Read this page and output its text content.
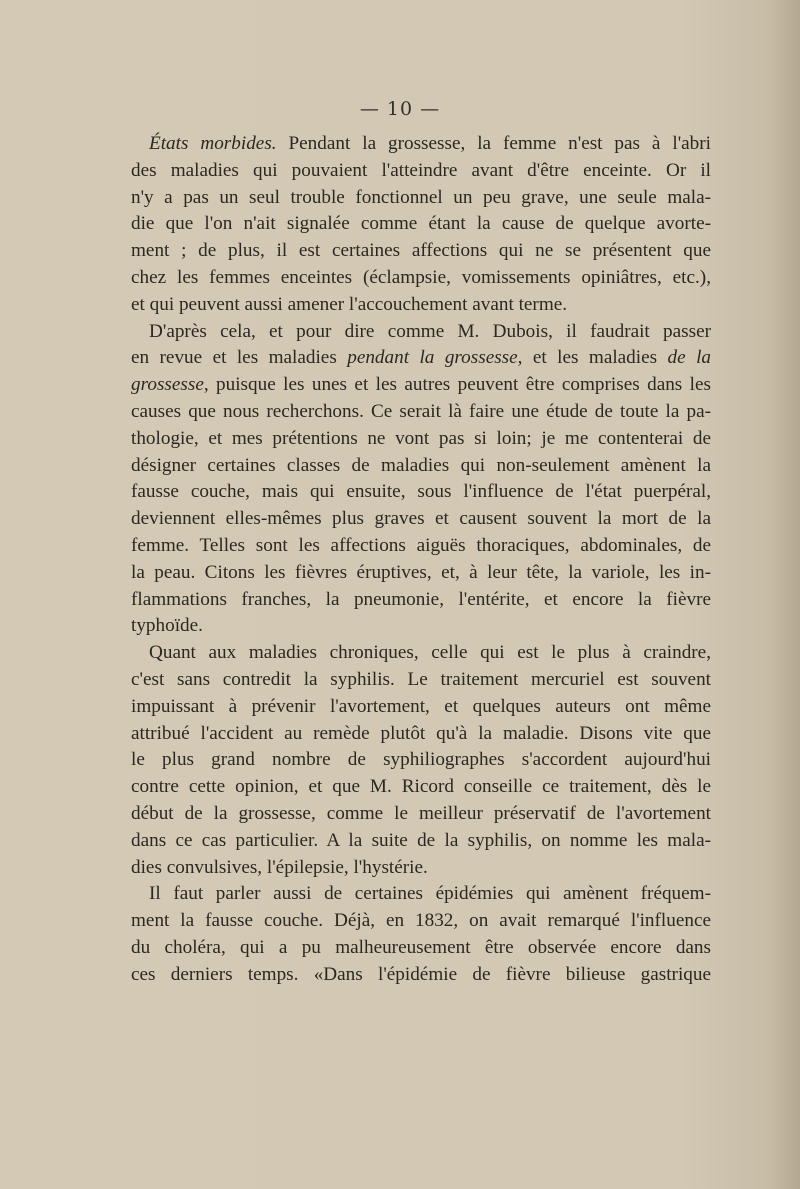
— 10 —
États morbides. Pendant la grossesse, la femme n'est pas à l'abri
des maladies qui pouvaient l'atteindre avant d'être enceinte. Or il
n'y a pas un seul trouble fonctionnel un peu grave, une seule mala-
die que l'on n'ait signalée comme étant la cause de quelque avorte-
ment ; de plus, il est certaines affections qui ne se présentent que
chez les femmes enceintes (éclampsie, vomissements opiniâtres, etc.),
et qui peuvent aussi amener l'accouchement avant terme.
D'après cela, et pour dire comme M. Dubois, il faudrait passer
en revue et les maladies pendant la grossesse, et les maladies de la
grossesse, puisque les unes et les autres peuvent être comprises dans les
causes que nous recherchons. Ce serait là faire une étude de toute la pa-
thologie, et mes prétentions ne vont pas si loin; je me contenterai de
désigner certaines classes de maladies qui non-seulement amènent la
fausse couche, mais qui ensuite, sous l'influence de l'état puerpéral,
deviennent elles-mêmes plus graves et causent souvent la mort de la
femme. Telles sont les affections aiguës thoraciques, abdominales, de
la peau. Citons les fièvres éruptives, et, à leur tête, la variole, les in-
flammations franches, la pneumonie, l'entérite, et encore la fièvre
typhoïde.
Quant aux maladies chroniques, celle qui est le plus à craindre,
c'est sans contredit la syphilis. Le traitement mercuriel est souvent
impuissant à prévenir l'avortement, et quelques auteurs ont même
attribué l'accident au remède plutôt qu'à la maladie. Disons vite que
le plus grand nombre de syphiliographes s'accordent aujourd'hui
contre cette opinion, et que M. Ricord conseille ce traitement, dès le
début de la grossesse, comme le meilleur préservatif de l'avortement
dans ce cas particulier. A la suite de la syphilis, on nomme les mala-
dies convulsives, l'épilepsie, l'hystérie.
Il faut parler aussi de certaines épidémies qui amènent fréquem-
ment la fausse couche. Déjà, en 1832, on avait remarqué l'influence
du choléra, qui a pu malheureusement être observée encore dans
ces derniers temps. «Dans l'épidémie de fièvre bilieuse gastrique
